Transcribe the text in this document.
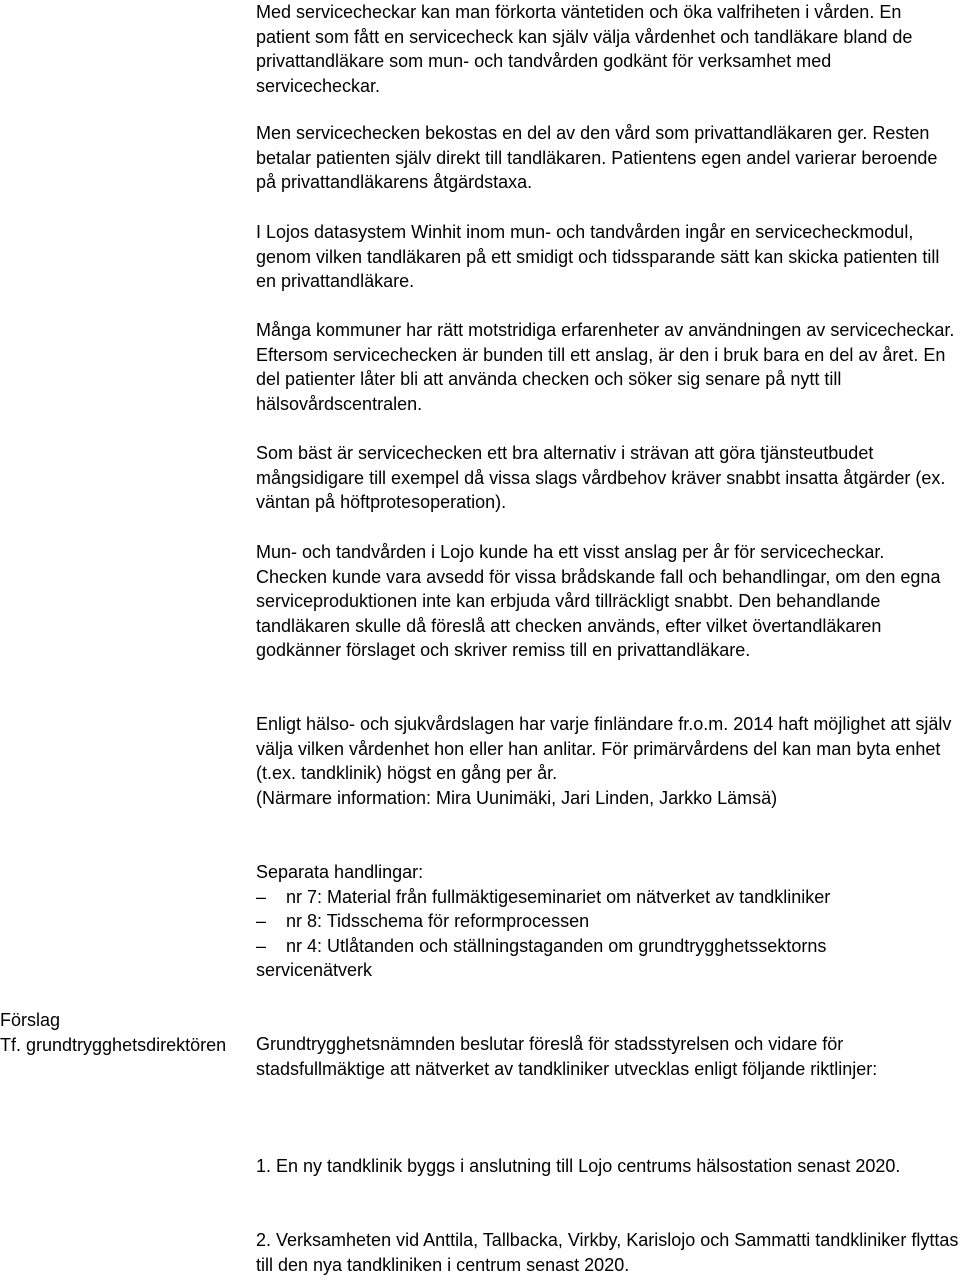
Med servicecheckar kan man förkorta väntetiden och öka valfriheten i vården. En patient som fått en servicecheck kan själv välja vårdenhet och tandläkare bland de privattandläkare som mun- och tandvården godkänt för verksamhet med servicecheckar.

Men servicechecken bekostas en del av den vård som privattandläkaren ger. Resten betalar patienten själv direkt till tandläkaren. Patientens egen andel varierar beroende på privattandläkarens åtgärdstaxa.

I Lojos datasystem Winhit inom mun- och tandvården ingår en servicecheckmodul, genom vilken tandläkaren på ett smidigt och tidssparande sätt kan skicka patienten till en privattandläkare.

Många kommuner har rätt motstridiga erfarenheter av användningen av servicecheckar. Eftersom servicechecken är bunden till ett anslag, är den i bruk bara en del av året. En del patienter låter bli att använda checken och söker sig senare på nytt till hälsovårdscentralen.

Som bäst är servicechecken ett bra alternativ i strävan att göra tjänsteutbudet mångsidigare till exempel då vissa slags vårdbehov kräver snabbt insatta åtgärder (ex. väntan på höftprotesoperation).

Mun- och tandvården i Lojo kunde ha ett visst anslag per år för servicecheckar. Checken kunde vara avsedd för vissa brådskande fall och behandlingar, om den egna serviceproduktionen inte kan erbjuda vård tillräckligt snabbt. Den behandlande tandläkaren skulle då föreslå att checken används, efter vilket övertandläkaren godkänner förslaget och skriver remiss till en privattandläkare.

Enligt hälso- och sjukvårdslagen har varje finländare fr.o.m. 2014 haft möjlighet att själv välja vilken vårdenhet hon eller han anlitar. För primärvårdens del kan man byta enhet (t.ex. tandklinik) högst en gång per år.
(Närmare information: Mira Uunimäki, Jari Linden, Jarkko Lämsä)
Separata handlingar:
– nr 7: Material från fullmäktigeseminariet om nätverket av tandkliniker
– nr 8: Tidsschema för reformprocessen
– nr 4: Utlåtanden och ställningstaganden om grundtrygghetssektorns
servicenätverk
Förslag
Tf. grundtrygghetsdirektören	Grundtrygghetsnämnden beslutar föreslå för stadsstyrelsen och vidare för stadsfullmäktige att nätverket av tandkliniker utvecklas enligt följande riktlinjer:

1. En ny tandklinik byggs i anslutning till Lojo centrums hälsostation senast 2020.

2. Verksamheten vid Anttila, Tallbacka, Virkby, Karislojo och Sammatti tandkliniker flyttas till den nya tandkliniken i centrum senast 2020.
